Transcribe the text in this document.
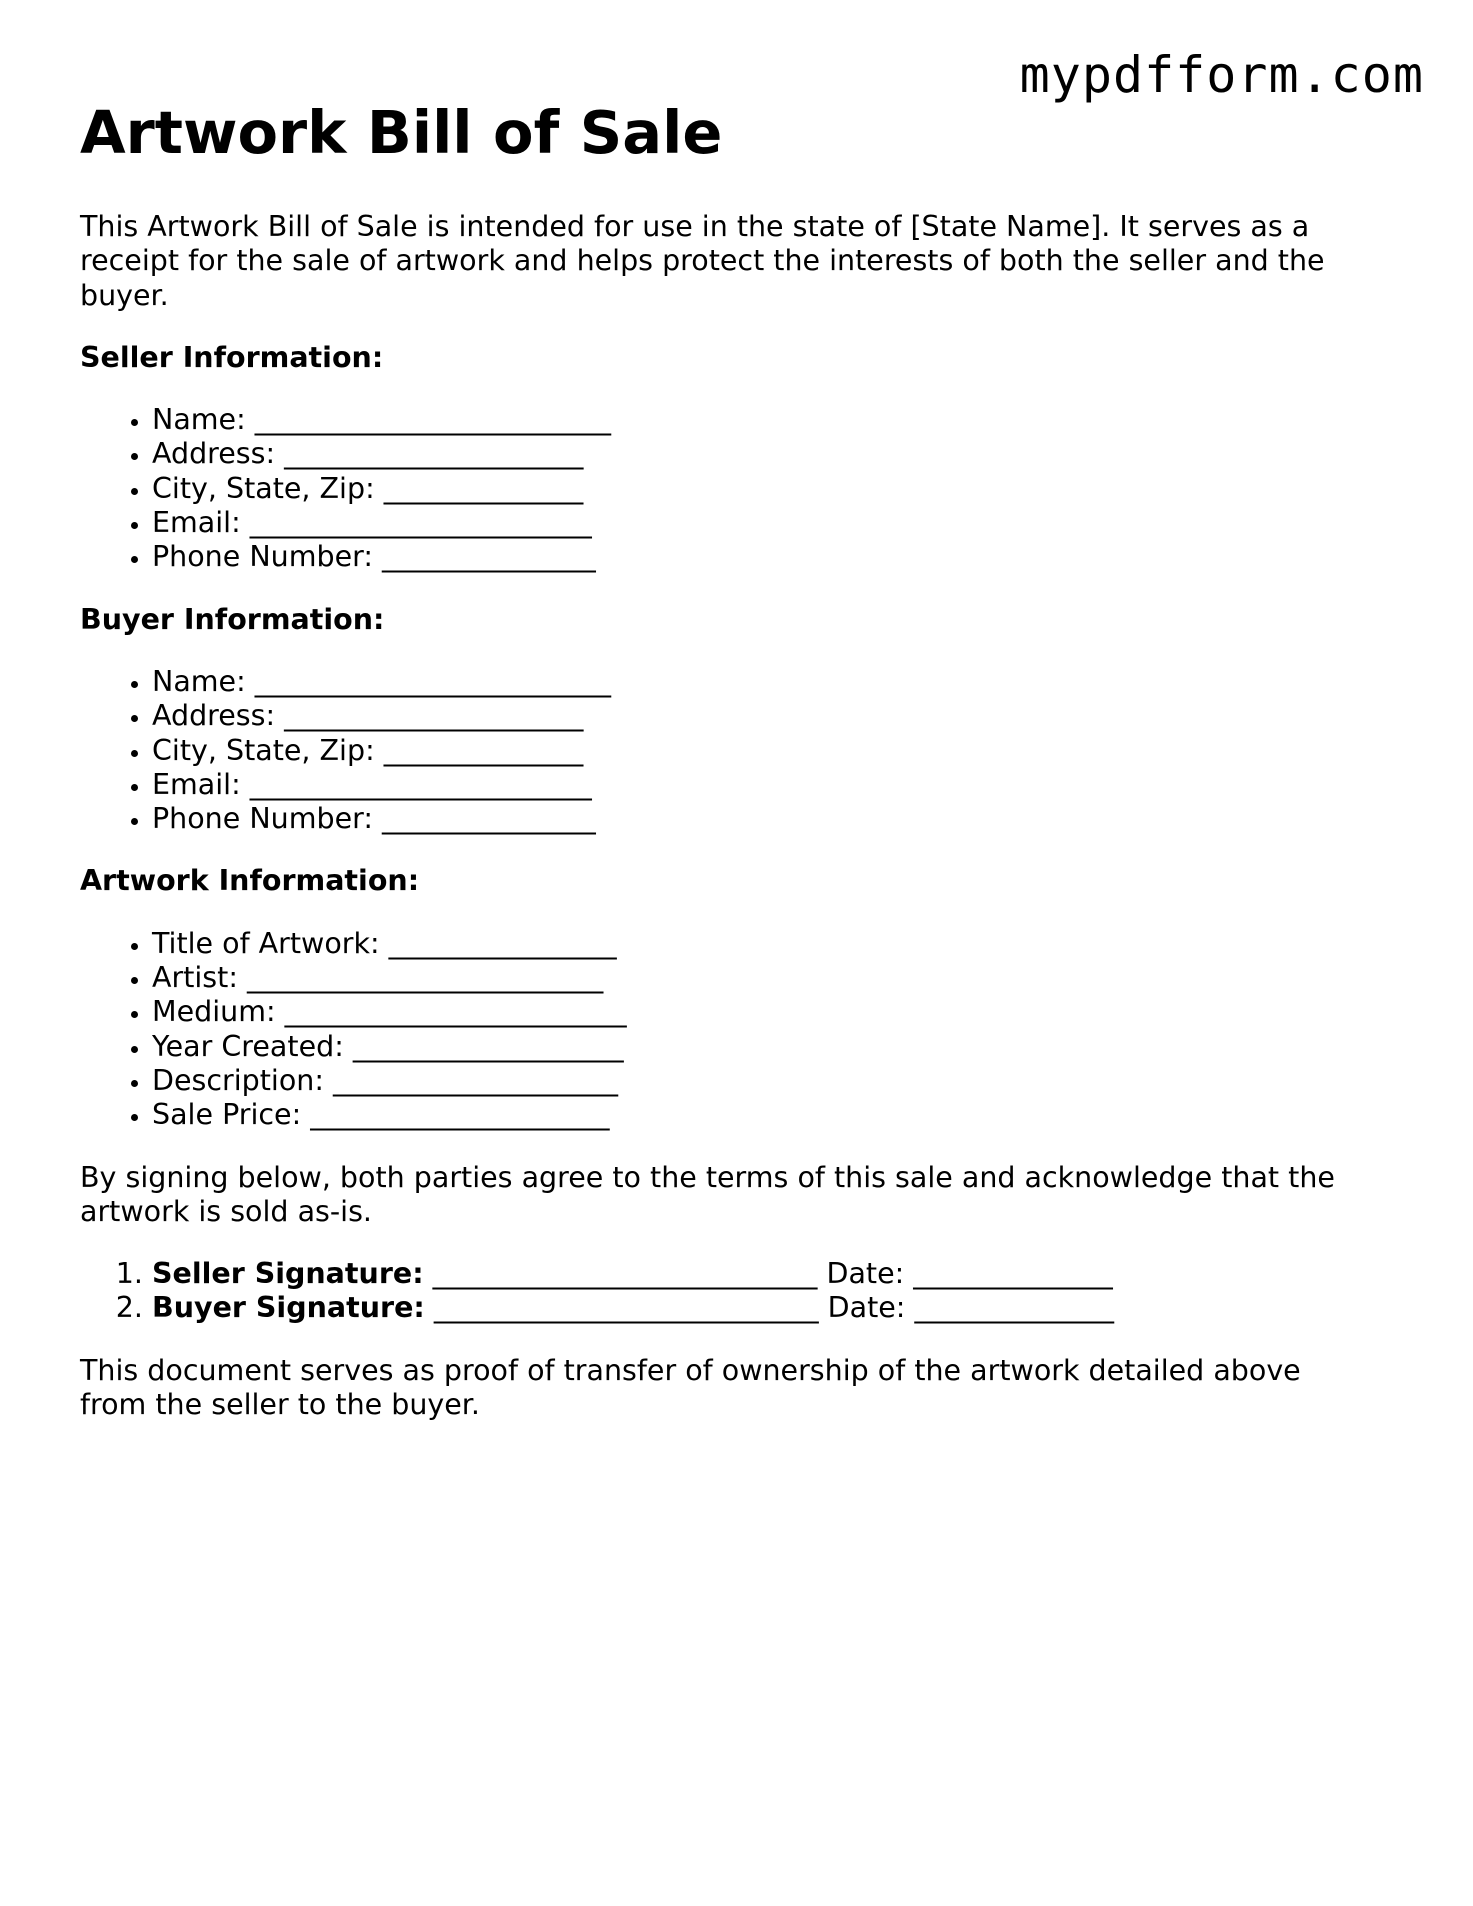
mypdfform.com
Artwork Bill of Sale

This Artwork Bill of Sale is intended for use in the state of [State Name]. It serves as a receipt for the sale of artwork and helps protect the interests of both the seller and the buyer.

Seller Information:
• Name: _________________________
• Address: _____________________
• City, State, Zip: ______________
• Email: ________________________
• Phone Number: _______________
Buyer Information:
• Name: _________________________
• Address: _____________________
• City, State, Zip: ______________
• Email: ________________________
• Phone Number: _______________
Artwork Information:
• Title of Artwork: ________________
• Artist: _________________________
• Medium: ________________________
• Year Created: ___________________
• Description: ____________________
• Sale Price: _____________________

By signing below, both parties agree to the terms of this sale and acknowledge that the artwork is sold as-is.

1. Seller Signature: ___________________________ Date: ______________
2. Buyer Signature: ___________________________ Date: ______________

This document serves as proof of transfer of ownership of the artwork detailed above from the seller to the buyer.
